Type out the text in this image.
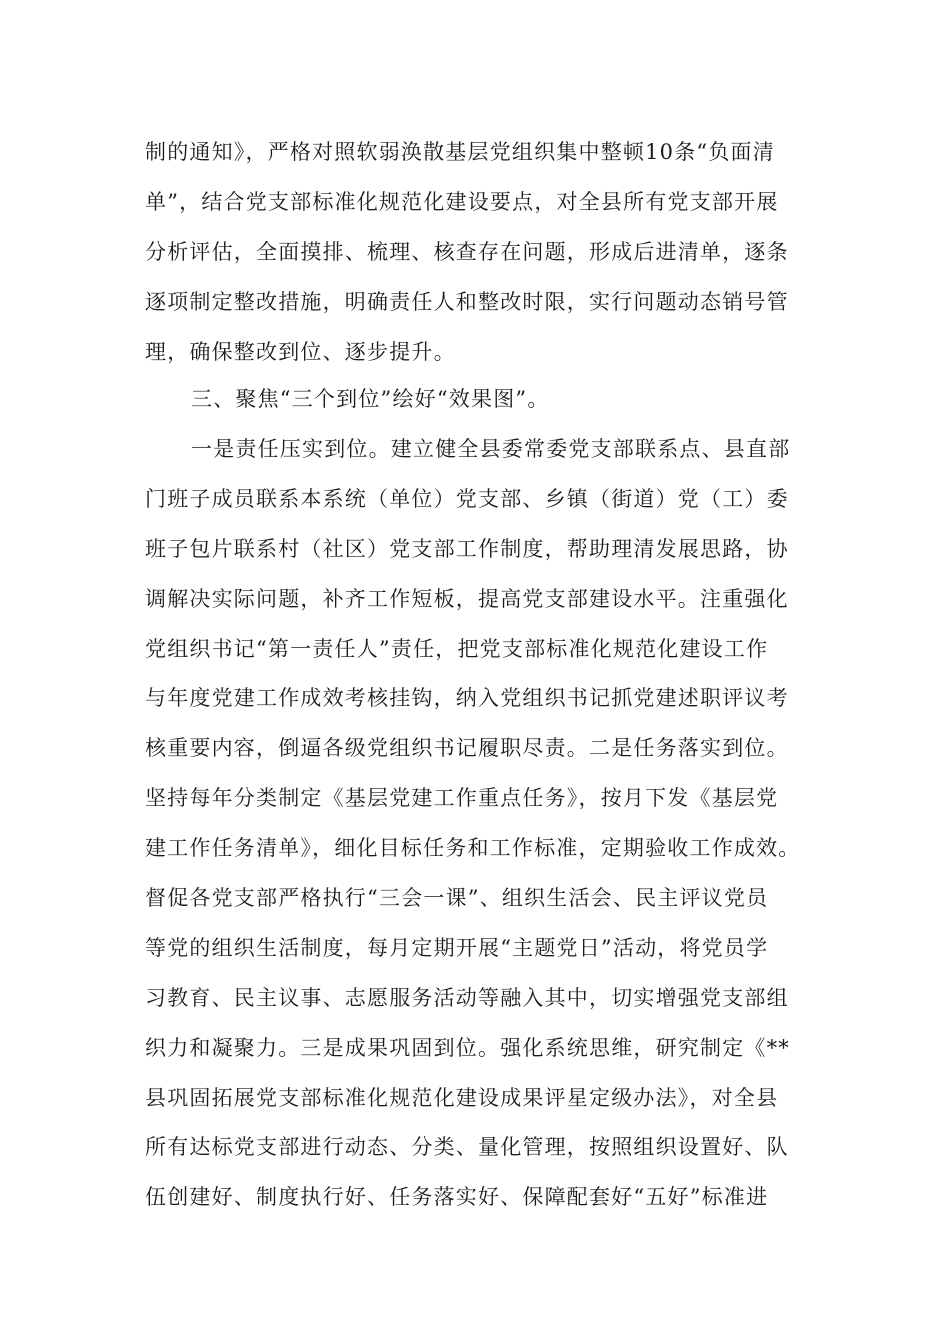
制的通知》，严格对照软弱涣散基层党组织集中整顿10条“负面清
单”，结合党支部标准化规范化建设要点，对全县所有党支部开展
分析评估，全面摸排、梳理、核查存在问题，形成后进清单，逐条
逐项制定整改措施，明确责任人和整改时限，实行问题动态销号管
理，确保整改到位、逐步提升。
三、聚焦“三个到位”绘好“效果图”。
一是责任压实到位。建立健全县委常委党支部联系点、县直部
门班子成员联系本系统（单位）党支部、乡镇（街道）党（工）委
班子包片联系村（社区）党支部工作制度，帮助理清发展思路，协
调解决实际问题，补齐工作短板，提高党支部建设水平。注重强化
党组织书记“第一责任人”责任，把党支部标准化规范化建设工作
与年度党建工作成效考核挂钩，纳入党组织书记抓党建述职评议考
核重要内容，倒逼各级党组织书记履职尽责。二是任务落实到位。
坚持每年分类制定《基层党建工作重点任务》，按月下发《基层党
建工作任务清单》，细化目标任务和工作标准，定期验收工作成效。
督促各党支部严格执行“三会一课”、组织生活会、民主评议党员
等党的组织生活制度，每月定期开展“主题党日”活动，将党员学
习教育、民主议事、志愿服务活动等融入其中，切实增强党支部组
织力和凝聚力。三是成果巩固到位。强化系统思维，研究制定《**
县巩固拓展党支部标准化规范化建设成果评星定级办法》，对全县
所有达标党支部进行动态、分类、量化管理，按照组织设置好、队
伍创建好、制度执行好、任务落实好、保障配套好“五好”标准进
